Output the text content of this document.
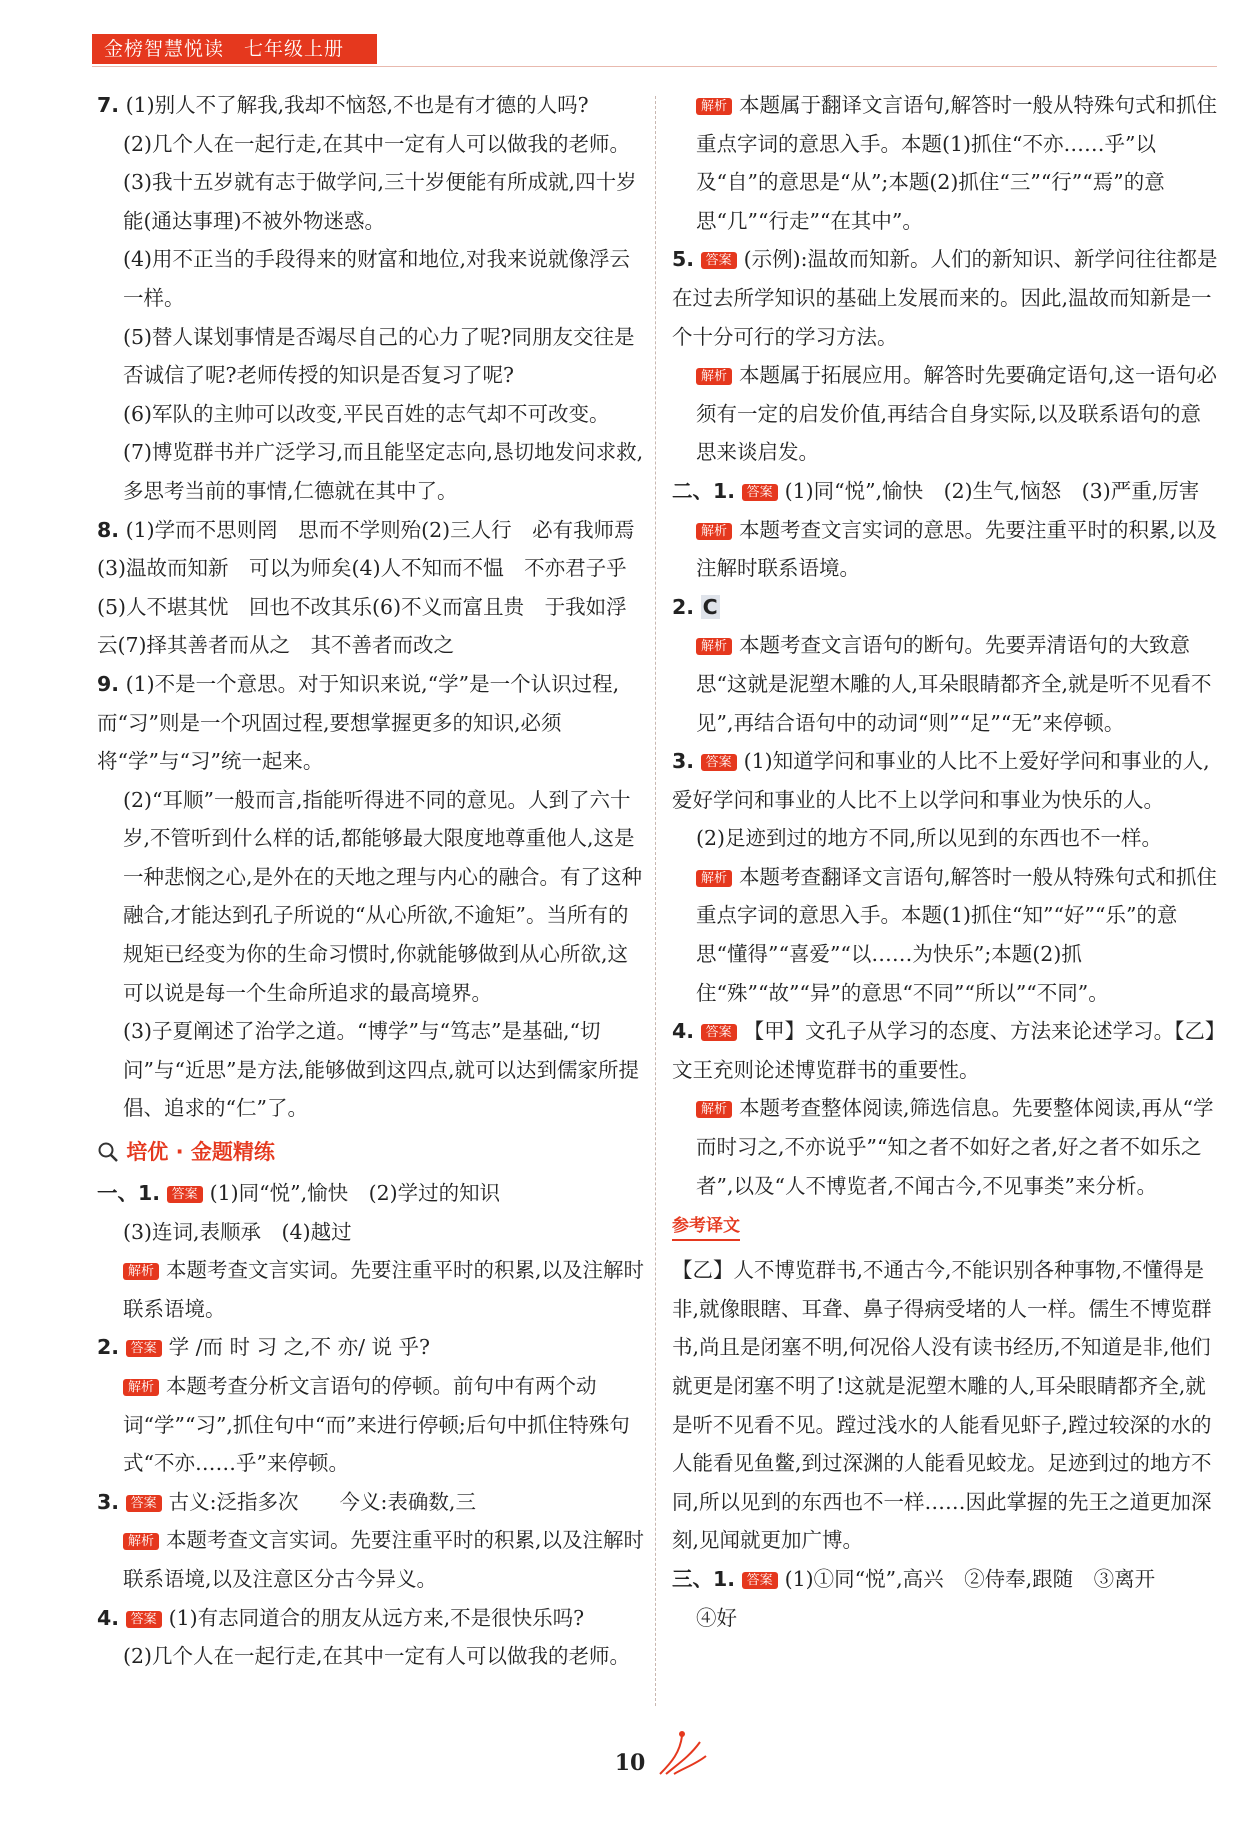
金榜智慧悦读　七年级上册

7. (1)别人不了解我,我却不恼怒,不也是有才德的人吗?

(2)几个人在一起行走,在其中一定有人可以做我的老师。

(3)我十五岁就有志于做学问,三十岁便能有所成就,四十岁能(通达事理)不被外物迷惑。

(4)用不正当的手段得来的财富和地位,对我来说就像浮云一样。

(5)替人谋划事情是否竭尽自己的心力了呢?同朋友交往是否诚信了呢?老师传授的知识是否复习了呢?

(6)军队的主帅可以改变,平民百姓的志气却不可改变。

(7)博览群书并广泛学习,而且能坚定志向,恳切地发问求救,多思考当前的事情,仁德就在其中了。

8. (1)学而不思则罔　思而不学则殆(2)三人行　必有我师焉(3)温故而知新　可以为师矣(4)人不知而不愠　不亦君子乎(5)人不堪其忧　回也不改其乐(6)不义而富且贵　于我如浮云(7)择其善者而从之　其不善者而改之

9. (1)不是一个意思。对于知识来说,“学”是一个认识过程,而“习”则是一个巩固过程,要想掌握更多的知识,必须将“学”与“习”统一起来。

(2)“耳顺”一般而言,指能听得进不同的意见。人到了六十岁,不管听到什么样的话,都能够最大限度地尊重他人,这是一种悲悯之心,是外在的天地之理与内心的融合。有了这种融合,才能达到孔子所说的“从心所欲,不逾矩”。当所有的规矩已经变为你的生命习惯时,你就能够做到从心所欲,这可以说是每一个生命所追求的最高境界。

(3)子夏阐述了治学之道。“博学”与“笃志”是基础,“切问”与“近思”是方法,能够做到这四点,就可以达到儒家所提倡、追求的“仁”了。

培优 · 金题精练

一、1. 答案 (1)同“悦”,愉快　(2)学过的知识

(3)连词,表顺承　(4)越过

解析 本题考查文言实词。先要注重平时的积累,以及注解时联系语境。

2. 答案 学 /而 时 习 之,不 亦/ 说 乎?

解析 本题考查分析文言语句的停顿。前句中有两个动词“学”“习”,抓住句中“而”来进行停顿;后句中抓住特殊句式“不亦……乎”来停顿。

3. 答案 古义:泛指多次　　今义:表确数,三

解析 本题考查文言实词。先要注重平时的积累,以及注解时联系语境,以及注意区分古今异义。

4. 答案 (1)有志同道合的朋友从远方来,不是很快乐吗?

(2)几个人在一起行走,在其中一定有人可以做我的老师。

解析 本题属于翻译文言语句,解答时一般从特殊句式和抓住重点字词的意思入手。本题(1)抓住“不亦……乎”以及“自”的意思是“从”;本题(2)抓住“三”“行”“焉”的意思“几”“行走”“在其中”。

5. 答案 (示例):温故而知新。人们的新知识、新学问往往都是在过去所学知识的基础上发展而来的。因此,温故而知新是一个十分可行的学习方法。

解析 本题属于拓展应用。解答时先要确定语句,这一语句必须有一定的启发价值,再结合自身实际,以及联系语句的意思来谈启发。

二、1. 答案 (1)同“悦”,愉快　(2)生气,恼怒　(3)严重,厉害

解析 本题考查文言实词的意思。先要注重平时的积累,以及注解时联系语境。

2. C

解析 本题考查文言语句的断句。先要弄清语句的大致意思“这就是泥塑木雕的人,耳朵眼睛都齐全,就是听不见看不见”,再结合语句中的动词“则”“足”“无”来停顿。

3. 答案 (1)知道学问和事业的人比不上爱好学问和事业的人,爱好学问和事业的人比不上以学问和事业为快乐的人。

(2)足迹到过的地方不同,所以见到的东西也不一样。

解析 本题考查翻译文言语句,解答时一般从特殊句式和抓住重点字词的意思入手。本题(1)抓住“知”“好”“乐”的意思“懂得”“喜爱”“以……为快乐”;本题(2)抓住“殊”“故”“异”的意思“不同”“所以”“不同”。

4. 答案 【甲】文孔子从学习的态度、方法来论述学习。【乙】文王充则论述博览群书的重要性。

解析 本题考查整体阅读,筛选信息。先要整体阅读,再从“学而时习之,不亦说乎”“知之者不如好之者,好之者不如乐之者”,以及“人不博览者,不闻古今,不见事类”来分析。

参考译文

【乙】人不博览群书,不通古今,不能识别各种事物,不懂得是非,就像眼瞎、耳聋、鼻子得病受堵的人一样。儒生不博览群书,尚且是闭塞不明,何况俗人没有读书经历,不知道是非,他们就更是闭塞不明了!这就是泥塑木雕的人,耳朵眼睛都齐全,就是听不见看不见。蹚过浅水的人能看见虾子,蹚过较深的水的人能看见鱼鳖,到过深渊的人能看见蛟龙。足迹到过的地方不同,所以见到的东西也不一样……因此掌握的先王之道更加深刻,见闻就更加广博。

三、1. 答案 (1)①同“悦”,高兴　②侍奉,跟随　③离开

④好

10
